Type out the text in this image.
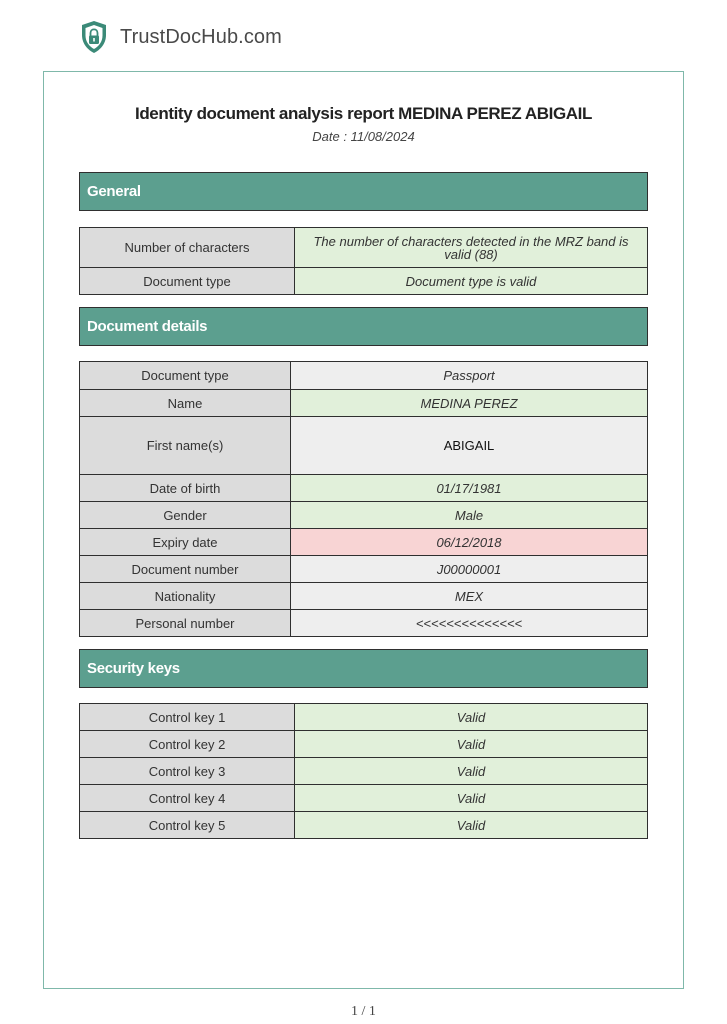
TrustDocHub.com
Identity document analysis report MEDINA PEREZ ABIGAIL
Date : 11/08/2024
General
Number of characters	The number of characters detected in the MRZ band is valid (88)
Document type	Document type is valid
Document details
Document type	Passport
Name	MEDINA PEREZ
First name(s)	ABIGAIL
Date of birth	01/17/1981
Gender	Male
Expiry date	06/12/2018
Document number	J00000001
Nationality	MEX
Personal number	<<<<<<<<<<<<<<
Security keys
Control key 1	Valid
Control key 2	Valid
Control key 3	Valid
Control key 4	Valid
Control key 5	Valid
1 / 1
